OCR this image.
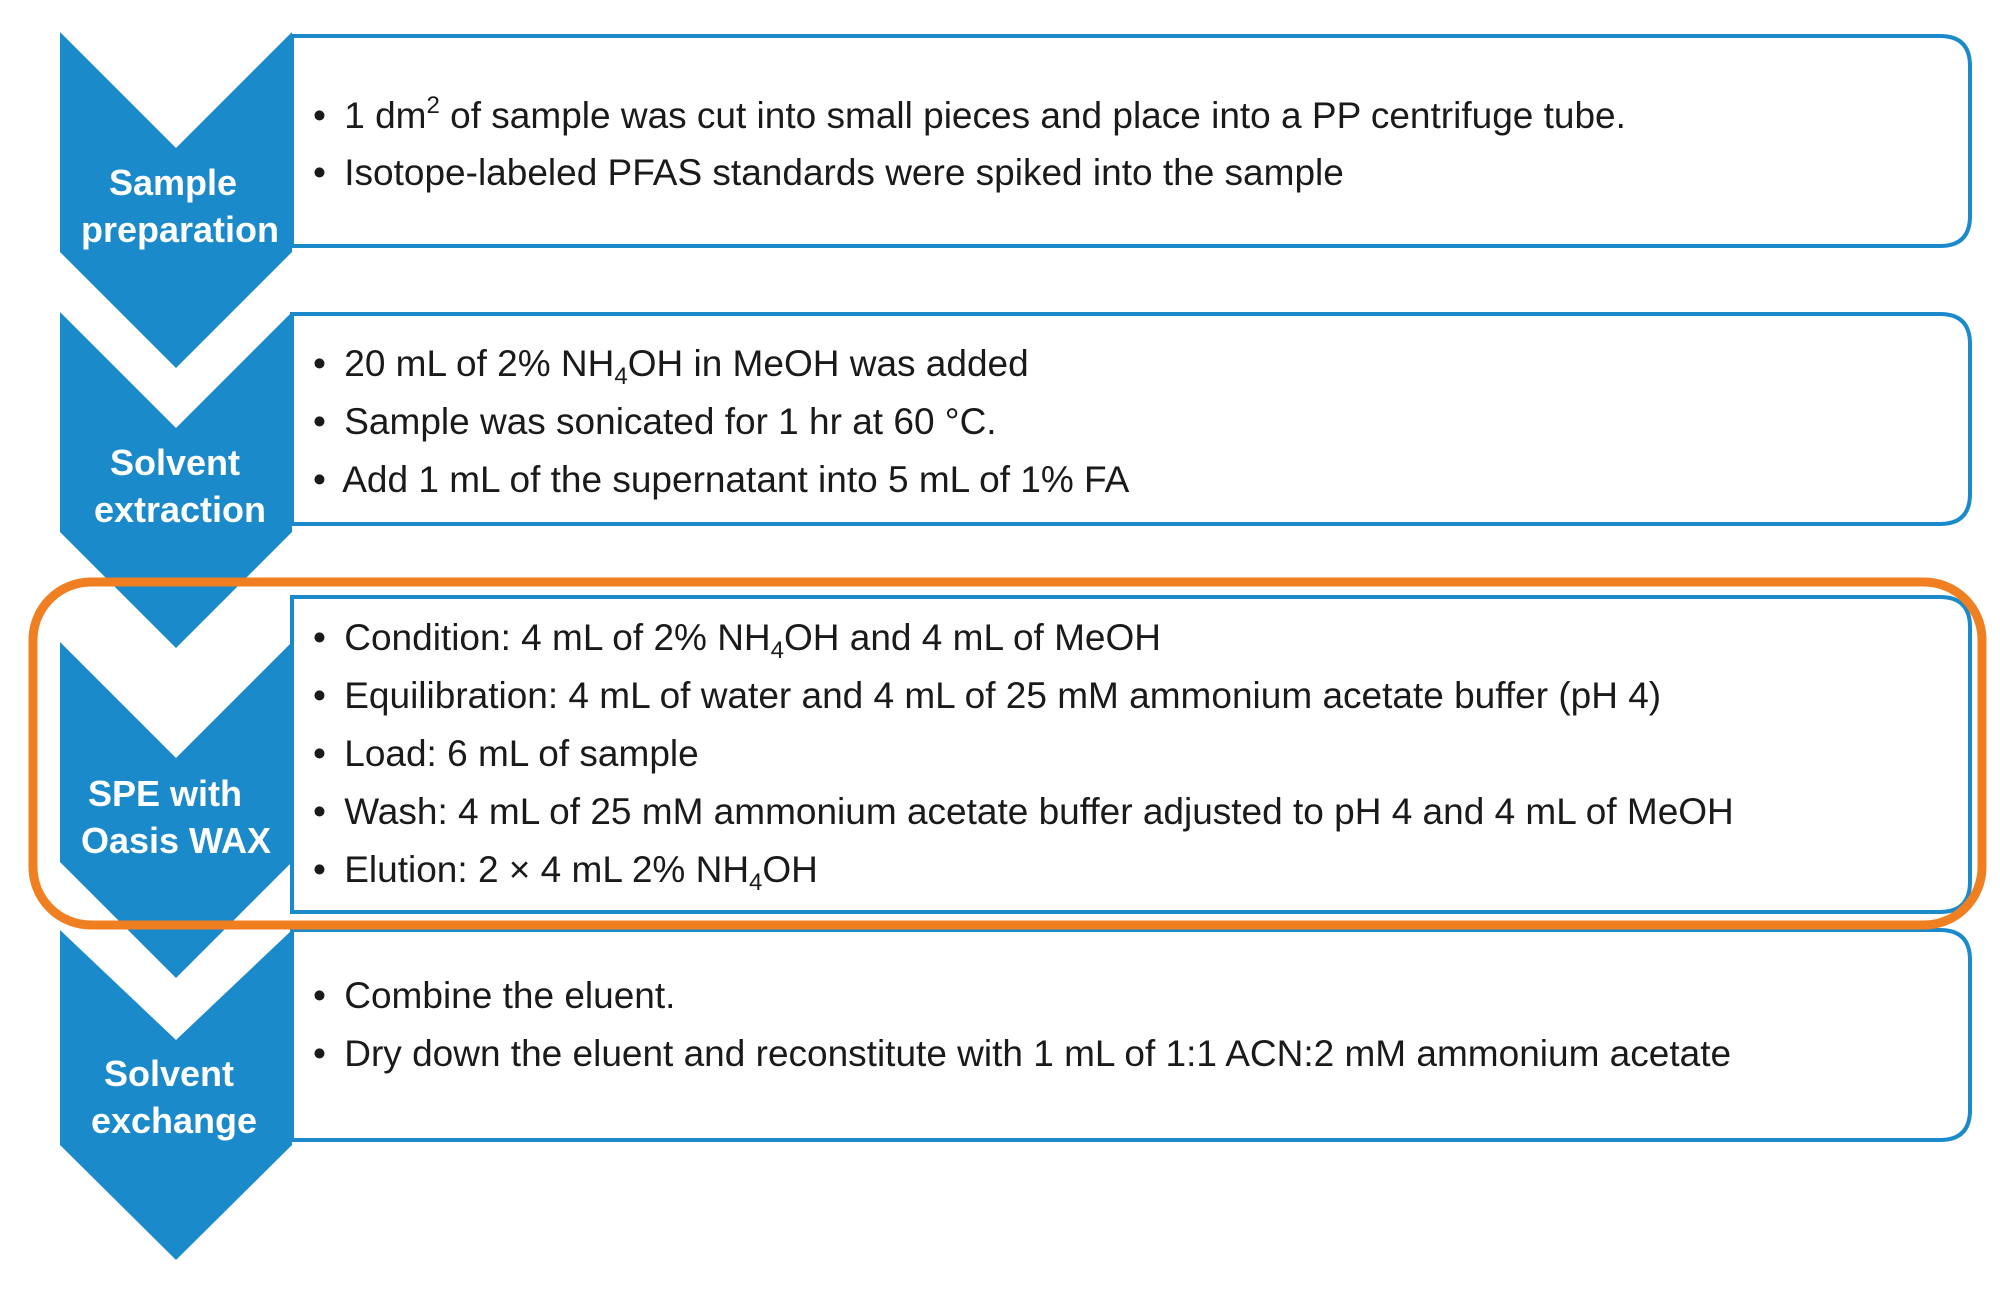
Sample preparation
Solvent extraction
SPE with Oasis WAX
Solvent exchange
• 1 $dm^2$ of sample was cut into small pieces and place into a PP centrifuge tube.
• Isotope-labeled PFAS standards were spiked into the sample
• 20 mL of 2% $NH_4OH$ in MeOH was added
• Sample was sonicated for 1 hr at 60 °C.
• Add 1 mL of the supernatant into 5 mL of 1% FA
• Condition: 4 mL of 2% $NH_4OH$ and 4 mL of MeOH
• Equilibration: 4 mL of water and 4 mL of 25 mM ammonium acetate buffer (pH 4)
• Load: 6 mL of sample
• Wash: 4 mL of 25 mM ammonium acetate buffer adjusted to pH 4 and 4 mL of MeOH
• Elution: 2 × 4 mL 2% $NH_4OH$
• Combine the eluent.
• Dry down the eluent and reconstitute with 1 mL of 1:1 ACN:2 mM ammonium acetate
